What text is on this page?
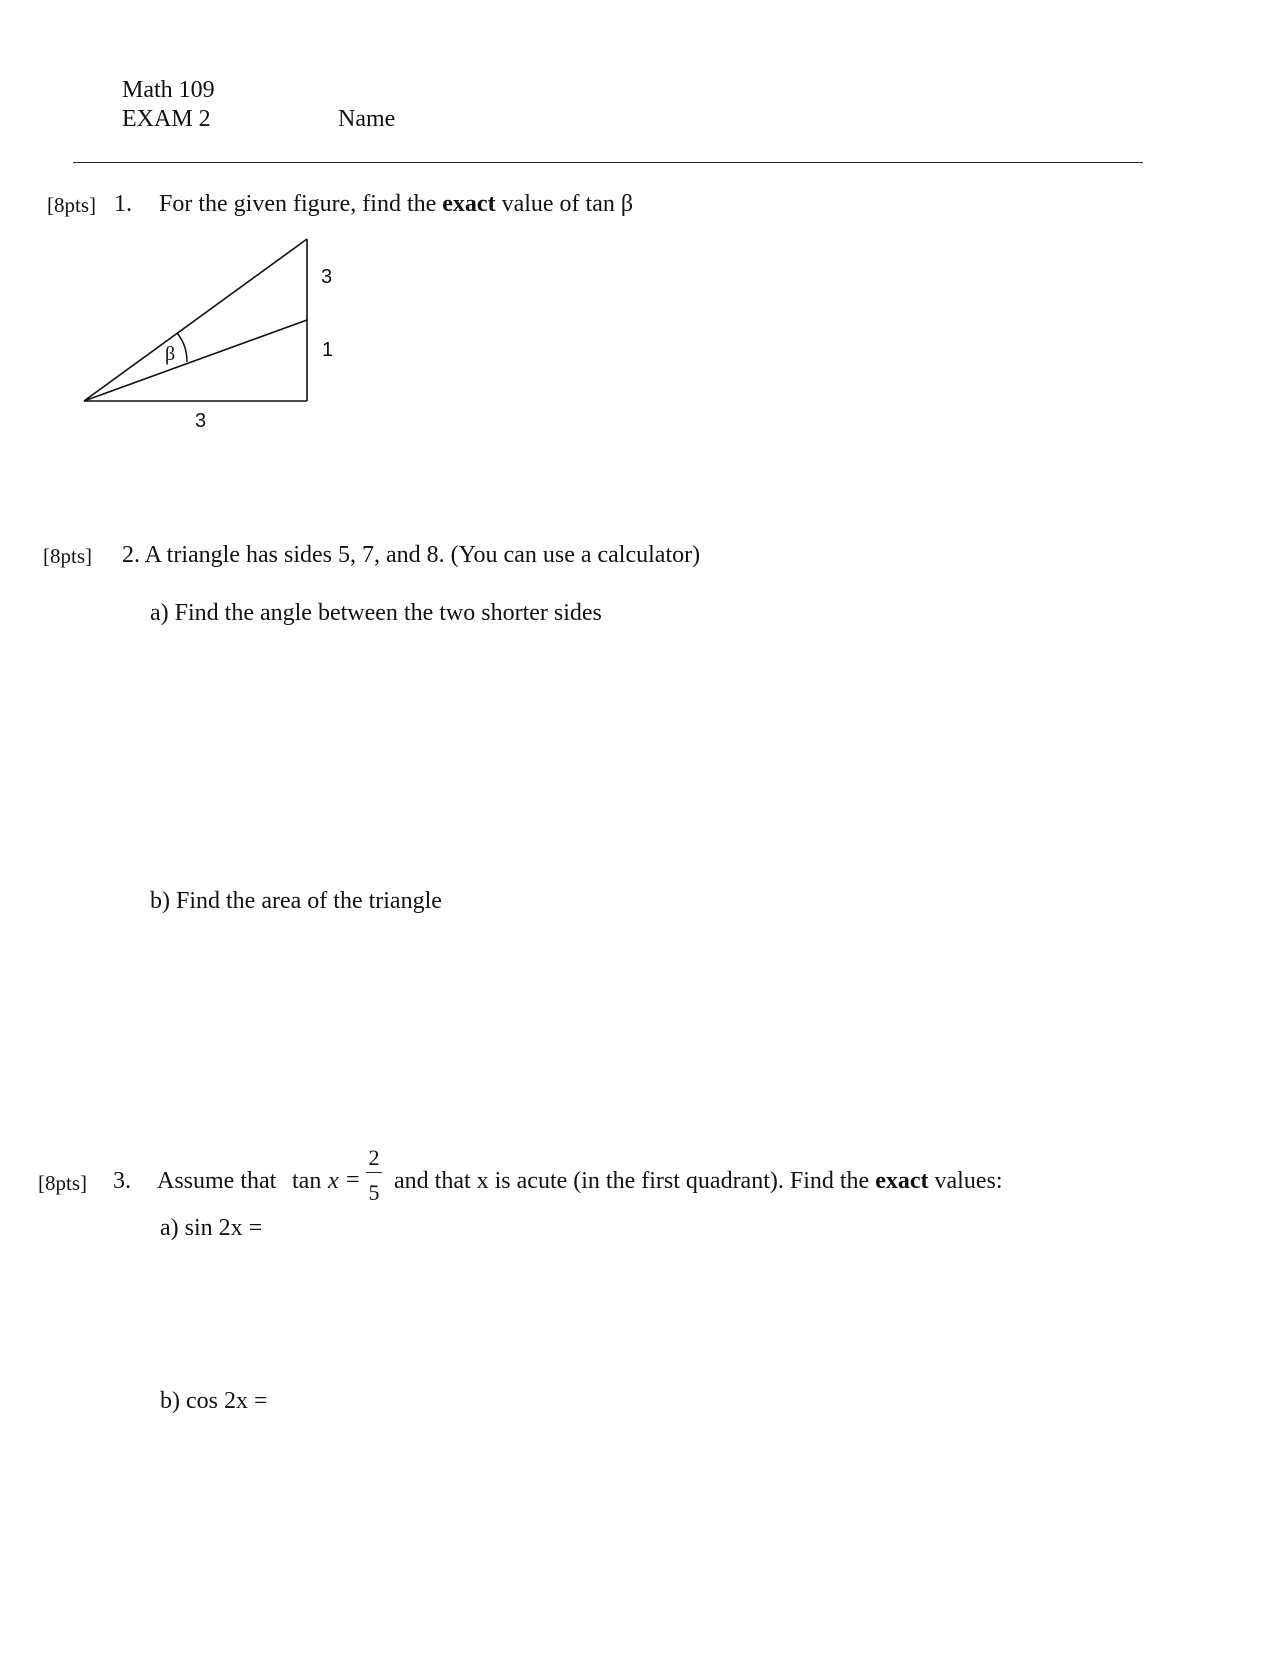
Math 109
EXAM 2	Name
[8pts] 1. For the given figure, find the exact value of tan β
β
3
1
3
[8pts] 2. A triangle has sides 5, 7, and 8. (You can use a calculator)
a) Find the angle between the two shorter sides
b) Find the area of the triangle
[8pts] 3. Assume that tan x =
2
5 and that x is acute (in the first quadrant). Find the exact values:
a) sin 2x =
b) cos 2x =
